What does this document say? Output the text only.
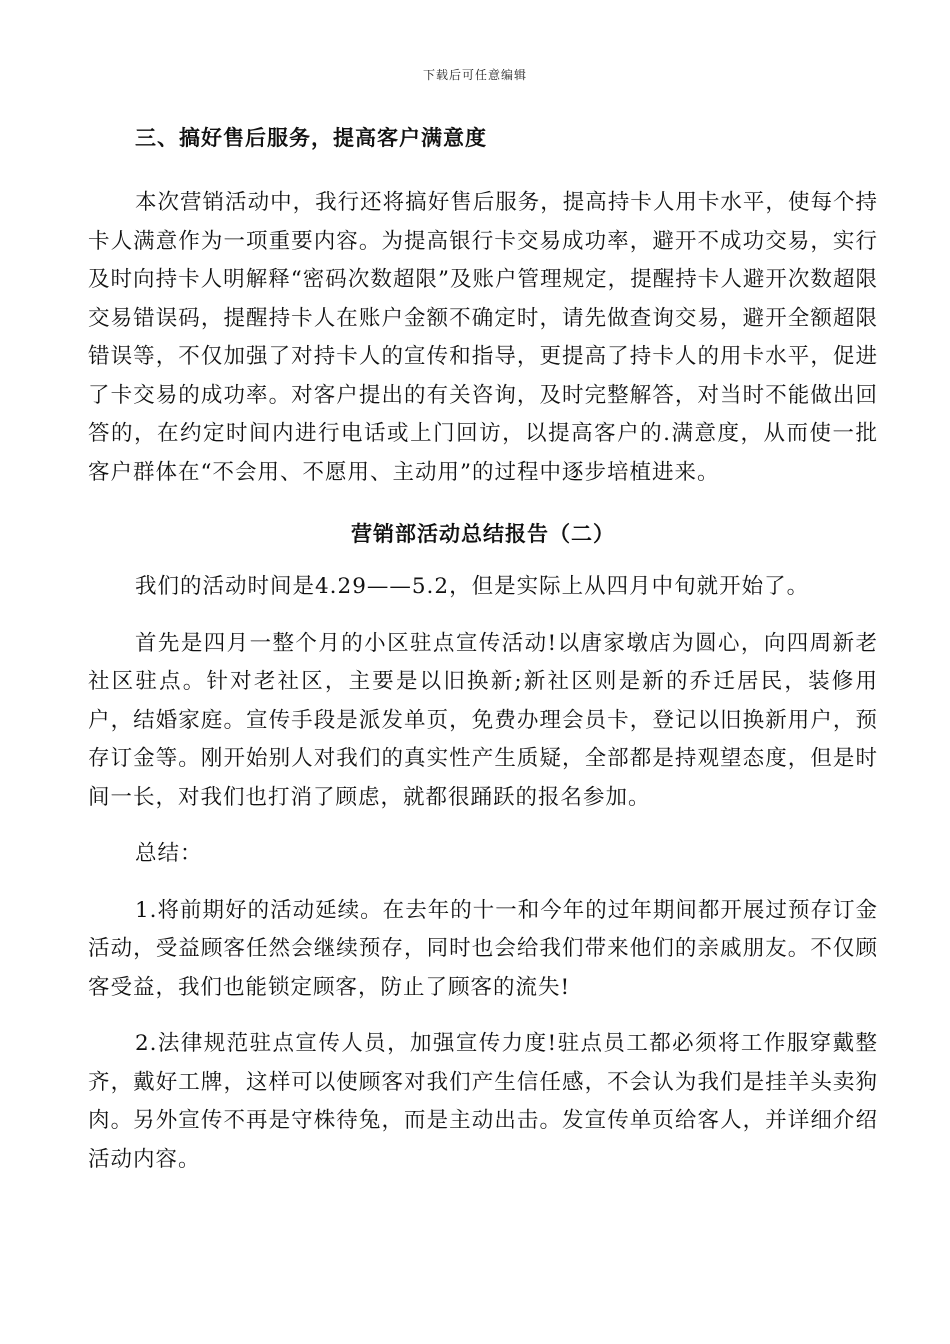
下载后可任意编辑
三、搞好售后服务，提高客户满意度

本次营销活动中，我行还将搞好售后服务，提高持卡人用卡水平，使每个持卡人满意作为一项重要内容。为提高银行卡交易成功率，避开不成功交易，实行及时向持卡人明解释“密码次数超限”及账户管理规定，提醒持卡人避开次数超限交易错误码，提醒持卡人在账户金额不确定时，请先做查询交易，避开全额超限错误等，不仅加强了对持卡人的宣传和指导，更提高了持卡人的用卡水平，促进了卡交易的成功率。对客户提出的有关咨询，及时完整解答，对当时不能做出回答的，在约定时间内进行电话或上门回访，以提高客户的.满意度，从而使一批客户群体在“不会用、不愿用、主动用”的过程中逐步培植进来。

营销部活动总结报告（二）

我们的活动时间是4.29——5.2，但是实际上从四月中旬就开始了。

首先是四月一整个月的小区驻点宣传活动!以唐家墩店为圆心，向四周新老社区驻点。针对老社区，主要是以旧换新;新社区则是新的乔迁居民，装修用户，结婚家庭。宣传手段是派发单页，免费办理会员卡，登记以旧换新用户，预存订金等。刚开始别人对我们的真实性产生质疑，全部都是持观望态度，但是时间一长，对我们也打消了顾虑，就都很踊跃的报名参加。

总结：

1.将前期好的活动延续。在去年的十一和今年的过年期间都开展过预存订金活动，受益顾客任然会继续预存，同时也会给我们带来他们的亲戚朋友。不仅顾客受益，我们也能锁定顾客，防止了顾客的流失!

2.法律规范驻点宣传人员，加强宣传力度!驻点员工都必须将工作服穿戴整齐，戴好工牌，这样可以使顾客对我们产生信任感，不会认为我们是挂羊头卖狗肉。另外宣传不再是守株待兔，而是主动出击。发宣传单页给客人，并详细介绍活动内容。
